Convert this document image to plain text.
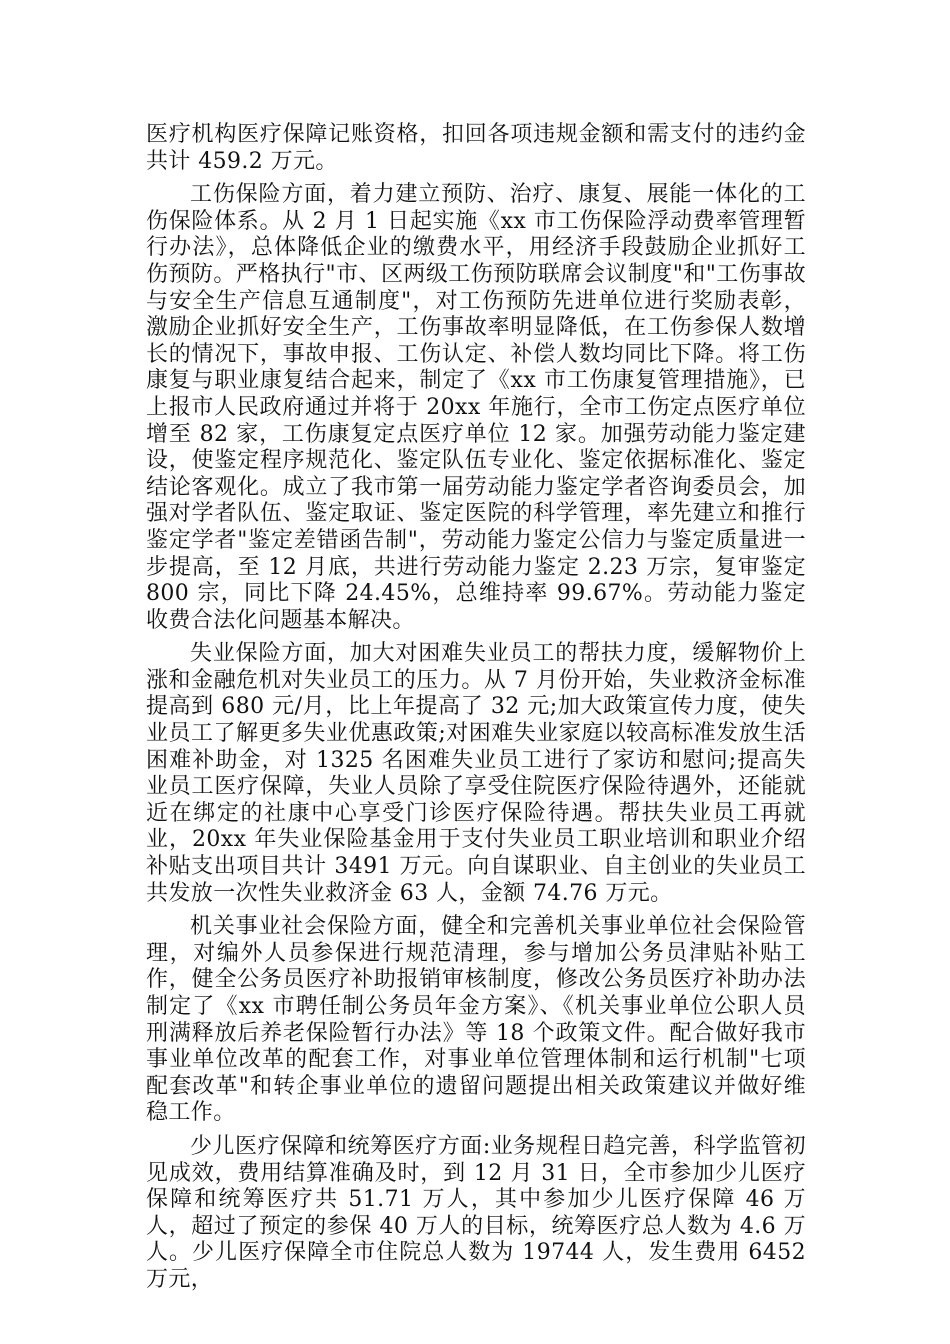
医疗机构医疗保障记账资格，扣回各项违规金额和需支付的违约金共计 459.2 万元。

工伤保险方面，着力建立预防、治疗、康复、展能一体化的工伤保险体系。从 2 月 1 日起实施《xx 市工伤保险浮动费率管理暂行办法》，总体降低企业的缴费水平，用经济手段鼓励企业抓好工伤预防。严格执行"市、区两级工伤预防联席会议制度"和"工伤事故与安全生产信息互通制度"，对工伤预防先进单位进行奖励表彰，激励企业抓好安全生产，工伤事故率明显降低，在工伤参保人数增长的情况下，事故申报、工伤认定、补偿人数均同比下降。将工伤康复与职业康复结合起来，制定了《xx 市工伤康复管理措施》，已上报市人民政府通过并将于 20xx 年施行，全市工伤定点医疗单位增至 82 家，工伤康复定点医疗单位 12 家。加强劳动能力鉴定建设，使鉴定程序规范化、鉴定队伍专业化、鉴定依据标准化、鉴定结论客观化。成立了我市第一届劳动能力鉴定学者咨询委员会，加强对学者队伍、鉴定取证、鉴定医院的科学管理，率先建立和推行鉴定学者"鉴定差错函告制"，劳动能力鉴定公信力与鉴定质量进一步提高，至 12 月底，共进行劳动能力鉴定 2.23 万宗，复审鉴定 800 宗，同比下降 24.45%，总维持率 99.67%。劳动能力鉴定收费合法化问题基本解决。

失业保险方面，加大对困难失业员工的帮扶力度，缓解物价上涨和金融危机对失业员工的压力。从 7 月份开始，失业救济金标准提高到 680 元/月，比上年提高了 32 元;加大政策宣传力度，使失业员工了解更多失业优惠政策;对困难失业家庭以较高标准发放生活困难补助金，对 1325 名困难失业员工进行了家访和慰问;提高失业员工医疗保障，失业人员除了享受住院医疗保险待遇外，还能就近在绑定的社康中心享受门诊医疗保险待遇。帮扶失业员工再就业，20xx 年失业保险基金用于支付失业员工职业培训和职业介绍补贴支出项目共计 3491 万元。向自谋职业、自主创业的失业员工共发放一次性失业救济金 63 人，金额 74.76 万元。

机关事业社会保险方面，健全和完善机关事业单位社会保险管理，对编外人员参保进行规范清理，参与增加公务员津贴补贴工作，健全公务员医疗补助报销审核制度，修改公务员医疗补助办法制定了《xx 市聘任制公务员年金方案》、《机关事业单位公职人员刑满释放后养老保险暂行办法》等 18 个政策文件。配合做好我市事业单位改革的配套工作，对事业单位管理体制和运行机制"七项配套改革"和转企事业单位的遗留问题提出相关政策建议并做好维稳工作。

少儿医疗保障和统筹医疗方面:业务规程日趋完善，科学监管初见成效，费用结算准确及时，到 12 月 31 日，全市参加少儿医疗保障和统筹医疗共 51.71 万人，其中参加少儿医疗保障 46 万人，超过了预定的参保 40 万人的目标，统筹医疗总人数为 4.6 万人。少儿医疗保障全市住院总人数为 19744 人，发生费用 6452 万元，
